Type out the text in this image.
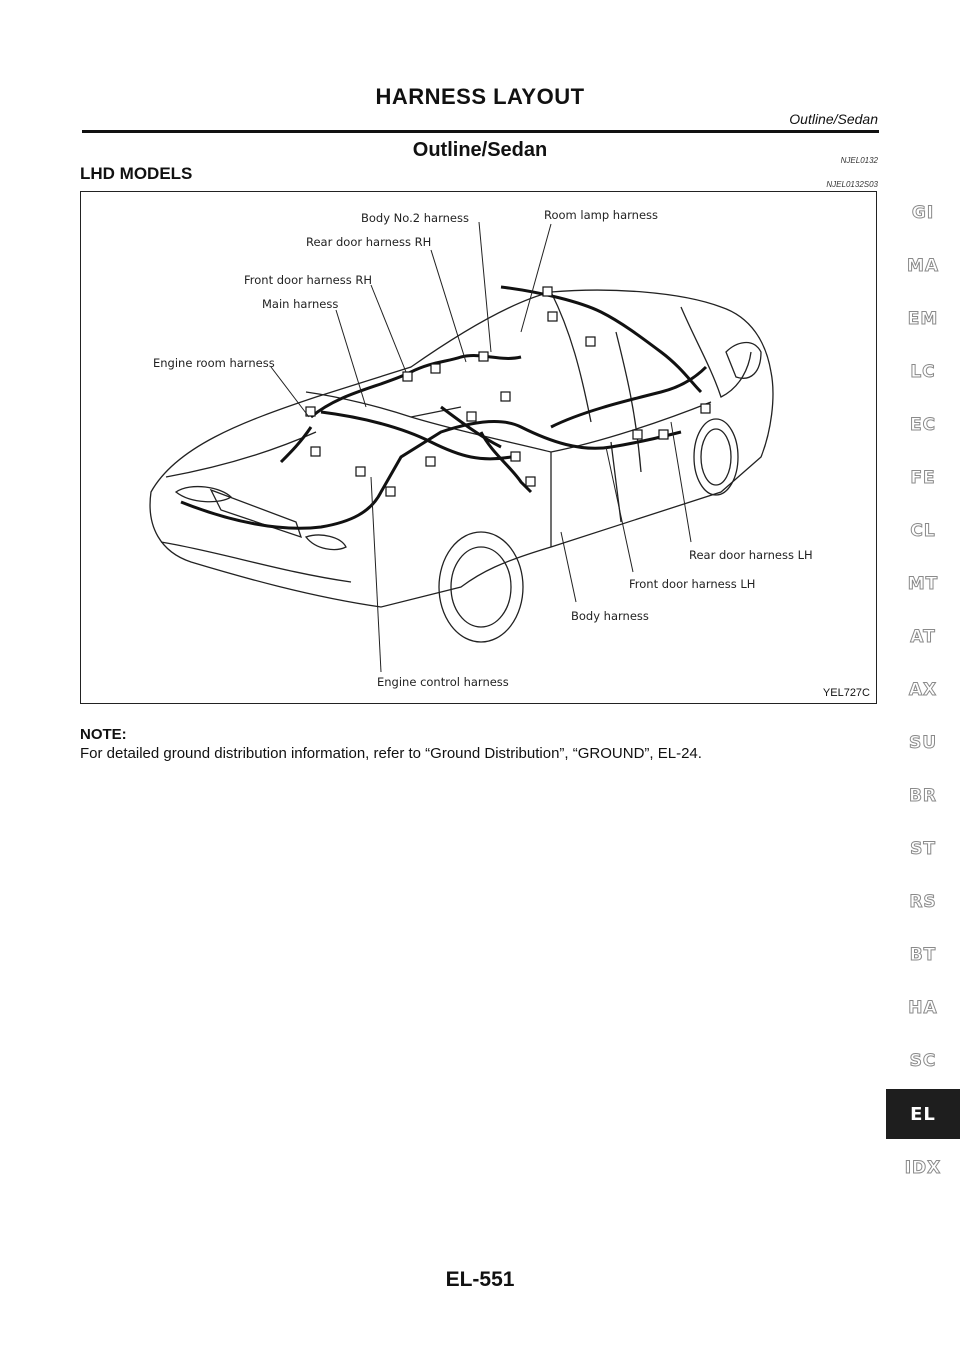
HARNESS LAYOUT
Outline/Sedan
Outline/Sedan	NJEL0132
LHD MODELS
NJEL0132S03
Body No.2 harness	Room lamp harness
Rear door harness RH
Front door harness RH
Main harness
Engine room harness
Rear door harness LH
Front door harness LH
Body harness
Engine control harness
YEL727C
NOTE:
For detailed ground distribution information, refer to “Ground Distribution”, “GROUND”, EL-24.
GI
MA
EM
LC
EC
FE
CL
MT
AT
AX
SU
BR
ST
RS
BT
HA
SC
EL
IDX
EL-551
